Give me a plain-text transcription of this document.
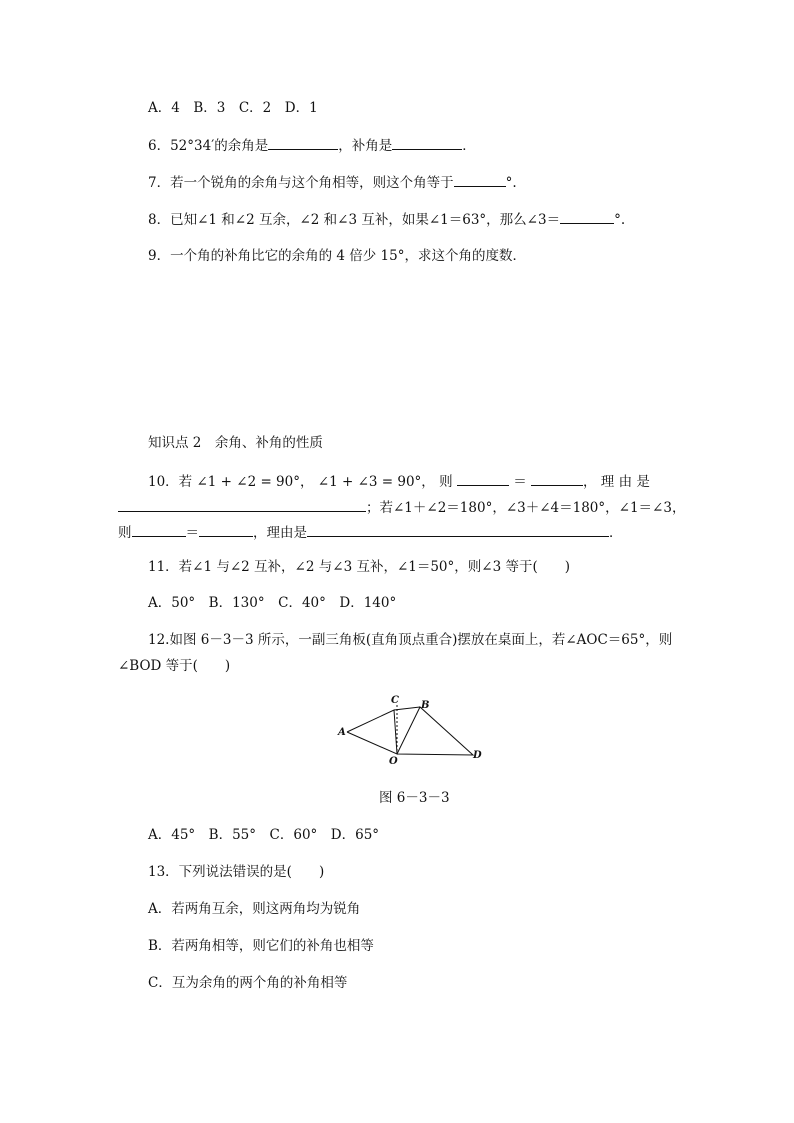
A．4　B．3　C．2　D．1
6．52°34′的余角是	，补角是	．
7．若一个锐角的余角与这个角相等，则这个角等于	°.
8．已知∠1 和∠2 互余，∠2 和∠3 互补，如果∠1＝63°，那么∠3＝	°.
9．一个角的补角比它的余角的 4 倍少 15°，求这个角的度数．
知识点 2　余角、补角的性质
10．若 ∠1 + ∠2 = 90°， ∠1 + ∠3 = 90°， 则	＝	， 理 由 是
；若∠1＋∠2＝180°，∠3＋∠4＝180°，∠1＝∠3，
则	＝	，理由是	．
11．若∠1 与∠2 互补，∠2 与∠3 互补，∠1＝50°，则∠3 等于(　　)
A．50°　B．130°　C．40°　D．140°
12.如图 6－3－3 所示，一副三角板(直角顶点重合)摆放在桌面上，若∠AOC＝65°，则
∠BOD 等于(　　)
A
C B
D
O
图 6－3－3
A．45°　B．55°　C．60°　D．65°
13．下列说法错误的是(　　)
A．若两角互余，则这两角均为锐角
B．若两角相等，则它们的补角也相等
C．互为余角的两个角的补角相等
